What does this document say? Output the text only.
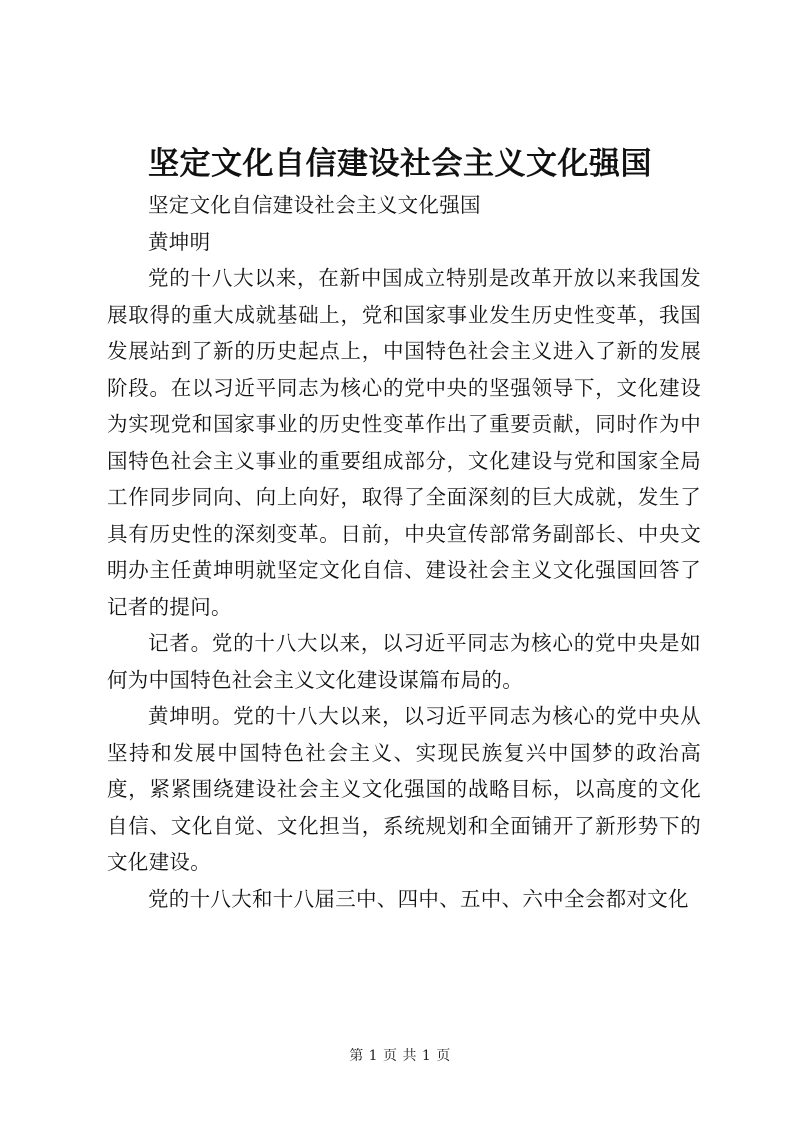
坚定文化自信建设社会主义文化强国

坚定文化自信建设社会主义文化强国

黄坤明

党的十八大以来，在新中国成立特别是改革开放以来我国发展取得的重大成就基础上，党和国家事业发生历史性变革，我国发展站到了新的历史起点上，中国特色社会主义进入了新的发展阶段。在以习近平同志为核心的党中央的坚强领导下，文化建设为实现党和国家事业的历史性变革作出了重要贡献，同时作为中国特色社会主义事业的重要组成部分，文化建设与党和国家全局工作同步同向、向上向好，取得了全面深刻的巨大成就，发生了具有历史性的深刻变革。日前，中央宣传部常务副部长、中央文明办主任黄坤明就坚定文化自信、建设社会主义文化强国回答了记者的提问。

记者。党的十八大以来，以习近平同志为核心的党中央是如何为中国特色社会主义文化建设谋篇布局的。

黄坤明。党的十八大以来，以习近平同志为核心的党中央从坚持和发展中国特色社会主义、实现民族复兴中国梦的政治高度，紧紧围绕建设社会主义文化强国的战略目标，以高度的文化自信、文化自觉、文化担当，系统规划和全面铺开了新形势下的文化建设。

党的十八大和十八届三中、四中、五中、六中全会都对文化

第 1 页 共 1 页
